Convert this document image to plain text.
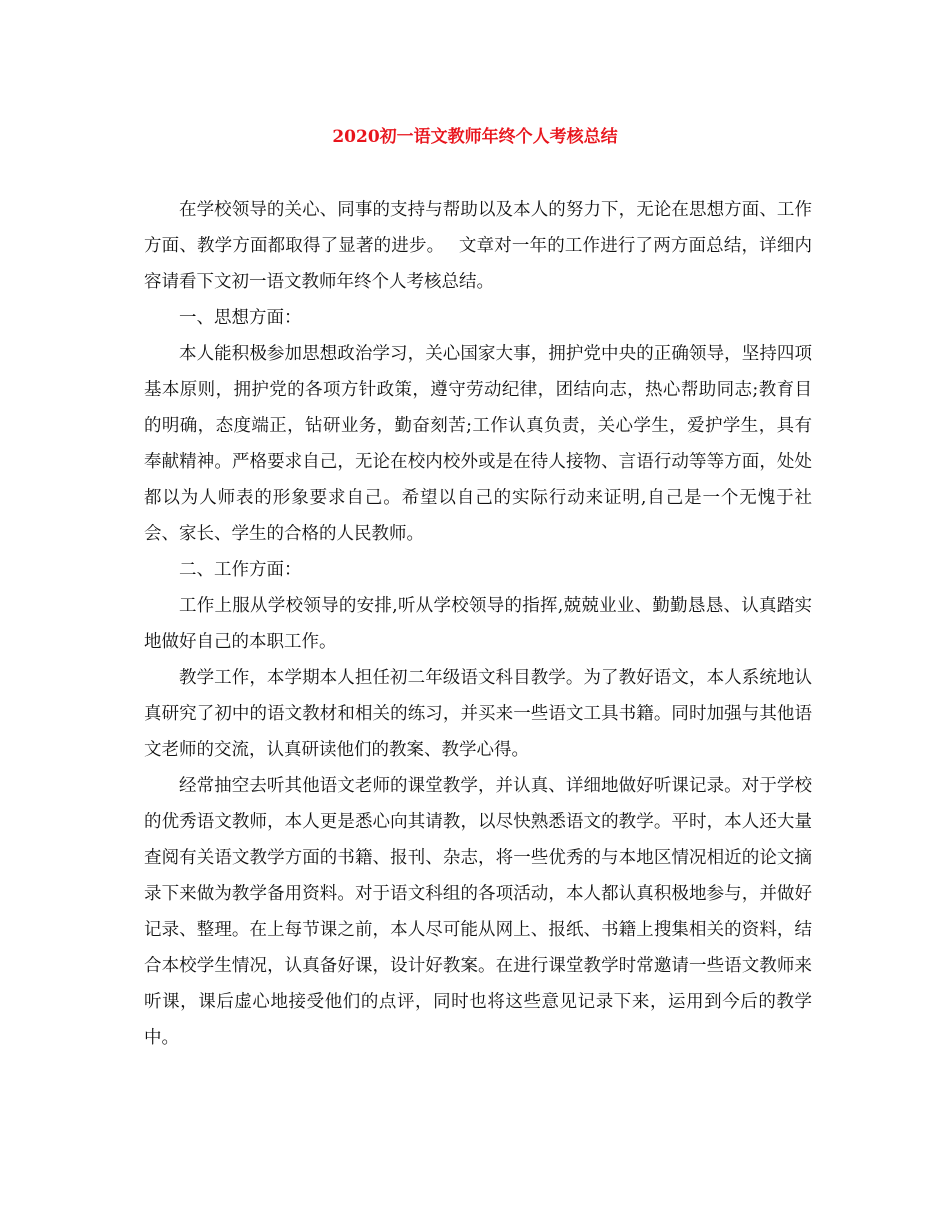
2020初一语文教师年终个人考核总结

在学校领导的关心、同事的支持与帮助以及本人的努力下，无论在思想方面、工作方面、教学方面都取得了显著的进步。　 文章对一年的工作进行了两方面总结，详细内容请看下文初一语文教师年终个人考核总结。

一、思想方面：

本人能积极参加思想政治学习，关心国家大事，拥护党中央的正确领导，坚持四项基本原则，拥护党的各项方针政策，遵守劳动纪律，团结向志，热心帮助同志;教育目的明确，态度端正，钻研业务，勤奋刻苦;工作认真负责，关心学生，爱护学生，具有奉献精神。严格要求自己，无论在校内校外或是在待人接物、言语行动等等方面，处处都以为人师表的形象要求自己。希望以自己的实际行动来证明,自己是一个无愧于社会、家长、学生的合格的人民教师。

二、工作方面：

工作上服从学校领导的安排,听从学校领导的指挥,兢兢业业、勤勤恳恳、认真踏实地做好自己的本职工作。

教学工作，本学期本人担任初二年级语文科目教学。为了教好语文，本人系统地认真研究了初中的语文教材和相关的练习，并买来一些语文工具书籍。同时加强与其他语文老师的交流，认真研读他们的教案、教学心得。

经常抽空去听其他语文老师的课堂教学，并认真、详细地做好听课记录。对于学校的优秀语文教师，本人更是悉心向其请教，以尽快熟悉语文的教学。平时，本人还大量查阅有关语文教学方面的书籍、报刊、杂志，将一些优秀的与本地区情况相近的论文摘录下来做为教学备用资料。对于语文科组的各项活动，本人都认真积极地参与，并做好记录、整理。在上每节课之前，本人尽可能从网上、报纸、书籍上搜集相关的资料，结合本校学生情况，认真备好课，设计好教案。在进行课堂教学时常邀请一些语文教师来听课，课后虚心地接受他们的点评，同时也将这些意见记录下来，运用到今后的教学中。
